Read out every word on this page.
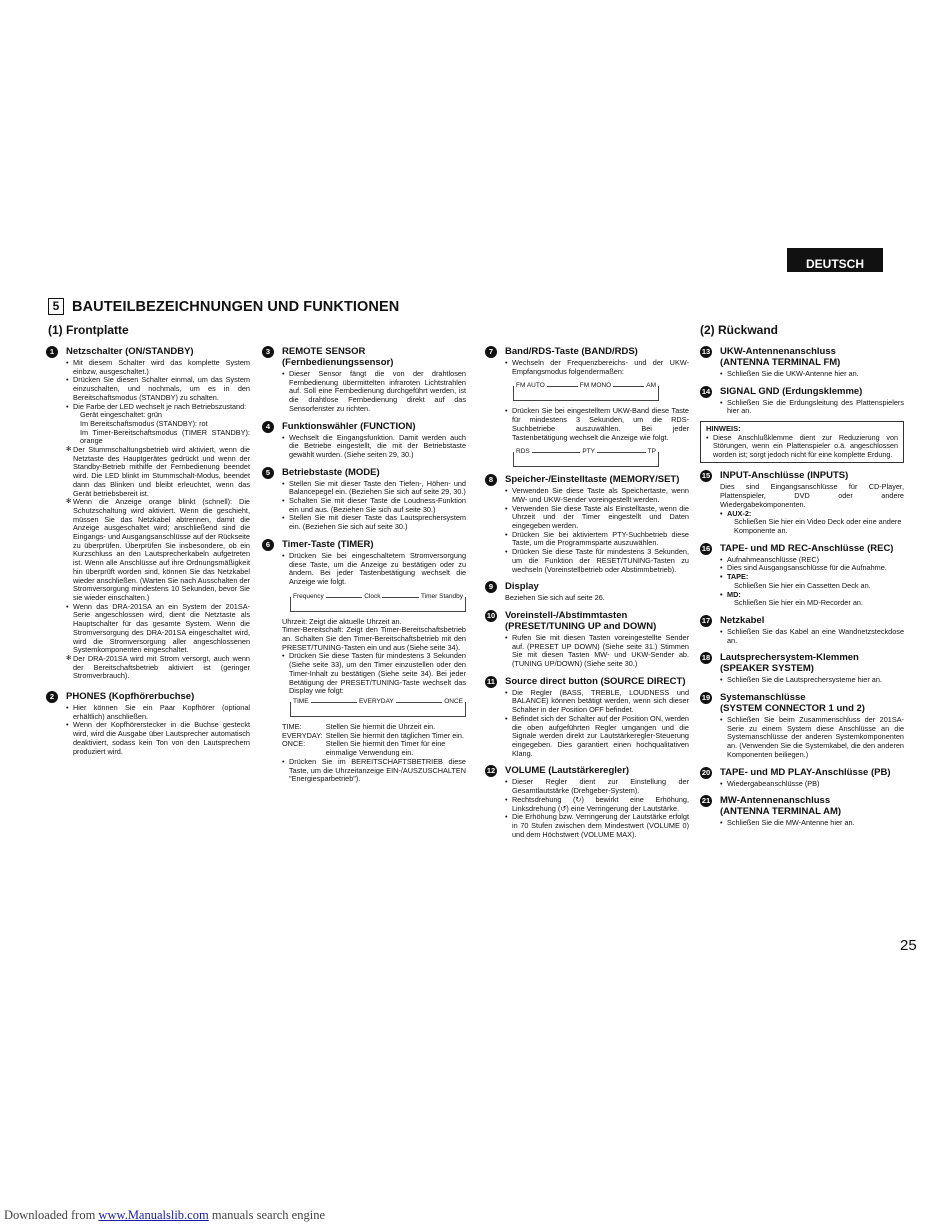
DEUTSCH
5 BAUTEILBEZEICHNUNGEN UND FUNKTIONEN
(1) Frontplatte	(2) Rückwand
1	Netzschalter (ON/STANDBY)
• Mit diesem Schalter wird das komplette System einbzw, ausgeschaltet.)
• Drücken Sie diesen Schalter einmal, um das System einzuschalten, und nochmals, um es in den Bereitschaftsmodus (STANDBY) zu schalten.
• Die Farbe der LED wechselt je nach Betriebszustand:
Gerät eingeschaltet: grün
Im Bereitschaftsmodus (STANDBY): rot
Im Timer-Bereitschaftsmodus (TIMER STANDBY): orange
✻ Der Stummschaltungsbetrieb wird aktiviert, wenn die Netztaste des Hauptgerätes gedrückt und wenn der Standby-Betrieb mithilfe der Fernbedienung beendet wird. Die LED blinkt im Stummschalt-Modus, beendet dann das Blinken und bleibt erleuchtet, wenn das Gerät betriebsbereit ist.
✻ Wenn die Anzeige orange blinkt (schnell): Die Schutzschaltung wird aktiviert. Wenn die geschieht, müssen Sie das Netzkabel abtrennen, damit die Anzeige ausgeschaltet wird; anschließend sind die Eingangs- und Ausgangsanschlüsse auf der Rückseite zu überprüfen. Überprüfen Sie insbesondere, ob ein Kurzschluss an den Lautsprecherkabeln aufgetreten ist. Wenn alle Anschlüsse auf ihre Ordnungsmäßigkeit hin überprüft worden sind, können Sie das Netzkabel wieder anschließen. (Warten Sie nach Ausschalten der Stromversorgung mindestens 10 Sekunden, bevor Sie sie wieder einschalten.)
• Wenn das DRA-201SA an ein System der 201SA-Serie angeschlossen wird, dient die Netztaste als Hauptschalter für das gesamte System. Wenn die Stromversorgung des DRA-201SA eingeschaltet wird, wird die Stromversorgung aller angeschlossenen Systemkomponenten eingeschaltet.
✻ Der DRA-201SA wird mit Strom versorgt, auch wenn der Bereitschaftsbetrieb aktiviert ist (geringer Stromverbrauch).
2	PHONES (Kopfhörerbuchse)
• Hier können Sie ein Paar Kopfhörer (optional erhältlich) anschließen.
• Wenn der Kopfhörerstecker in die Buchse gesteckt wird, wird die Ausgabe über Lautsprecher automatisch deaktiviert, sodass kein Ton von den Lautsprechern produziert wird.
3	REMOTE SENSOR (Fernbedienungssensor)
• Dieser Sensor fängt die von der drahtlosen Fernbedienung übermittelten infraroten Lichtstrahlen auf. Soll eine Fernbedienung durchgeführt werden, ist die drahtlose Fernbedienung direkt auf das Sensorfenster zu richten.
4	Funktionswähler (FUNCTION)
• Wechselt die Eingangsfunktion. Damit werden auch die Betriebe eingestellt, die mit der Betriebstaste gewählt wurden. (Siehe seiten 29, 30.)
5	Betriebstaste (MODE)
• Stellen Sie mit dieser Taste den Tiefen-, Höhen- und Balancepegel ein. (Beziehen Sie sich auf seite 29, 30.)
• Schalten Sie mit dieser Taste die Loudness-Funktion ein und aus. (Beziehen Sie sich auf seite 30.)
• Stellen Sie mit dieser Taste das Lautsprechersystem ein. (Beziehen Sie sich auf seite 30.)
6	Timer-Taste (TIMER)
• Drücken Sie bei eingeschaltetem Stromversorgung diese Taste, um die Anzeige zu bestätigen oder zu ändern. Bei jeder Tastenbetätigung wechselt die Anzeige wie folgt.
Frequency	Clock	Timer Standby
Uhrzeit: Zeigt die aktuelle Uhrzeit an.
Timer-Bereitschaft: Zeigt den Timer-Bereitschaftsbetrieb an. Schalten Sie den Timer-Bereitschaftsbetrieb mit den PRESET/TUNING-Tasten ein und aus (Siehe seite 34).
• Drücken Sie diese Tasten für mindestens 3 Sekunden (Siehe seite 33), um den Timer einzustellen oder den Timer-Inhalt zu bestätigen (Siehe seite 34). Bei jeder Betätigung der PRESET/TUNING-Taste wechselt das Display wie folgt:
TIME	EVERYDAY	ONCE
TIME:	Stellen Sie hiermit die Uhrzeit ein.
EVERYDAY: Stellen Sie hiermit den täglichen Timer ein.
ONCE:	Stellen Sie hiermit den Timer für eine einmalige Verwendung ein.
• Drücken Sie im BEREITSCHAFTSBETRIEB diese Taste, um die Uhrzeitanzeige EIN-/AUSZUSCHALTEN "Energiesparbetrieb").
7	Band/RDS-Taste (BAND/RDS)
• Wechseln der Frequenzbereichs- und der UKW-Empfangsmodus folgendermaßen:
FM AUTO	FM MONO	AM
• Drücken Sie bei eingestelltem UKW-Band diese Taste für mindestens 3 Sekunden, um die RDS-Suchbetriebe auszuwählen. Bei jeder Tastenbetätigung wechselt die Anzeige wie folgt.
RDS	PTY	TP
8	Speicher-/Einstelltaste (MEMORY/SET)
• Verwenden Sie diese Taste als Speichertaste, wenn MW- und UKW-Sender voreingestellt werden.
• Verwenden Sie diese Taste als Einstelltaste, wenn die Uhrzeit und der Timer eingestellt und Daten eingegeben werden.
• Drücken Sie bei aktiviertem PTY-Suchbetrieb diese Taste, um die Programmsparte auszuwählen.
• Drücken Sie diese Taste für mindestens 3 Sekunden, um die Funktion der RESET/TUNING-Tasten zu wechseln (Voreinstellbetrieb oder Abstimmbetrieb).
9	Display
Beziehen Sie sich auf seite 26.
10 Voreinstell-/Abstimmtasten
(PRESET/TUNING UP and DOWN)
• Rufen Sie mit diesen Tasten voreingestellte Sender auf. (PRESET UP DOWN) (Siehe seite 31.) Stimmen Sie mit diesen Tasten MW- und UKW-Sender ab. (TUNING UP/DOWN) (Siehe seite 30.)
11 Source direct button (SOURCE DIRECT)
• Die Regler (BASS, TREBLE, LOUDNESS und BALANCE) können betätigt werden, wenn sich dieser Schalter in der Position OFF befindet.
• Befindet sich der Schalter auf der Position ON, werden die oben aufgeführten Regler umgangen und die Signale werden direkt zur Lautstärkeregler-Steuerung eingegeben. Dies garantiert einen hochqualitativen Klang.
12 VOLUME (Lautstärkeregler)
• Dieser Regler dient zur Einstellung der Gesamtlautstärke (Drehgeber-System).
• Rechtsdrehung (↻) bewirkt eine Erhöhung, Linksdrehung (↺) eine Verringerung der Lautstärke.
• Die Erhöhung bzw. Verringerung der Lautstärke erfolgt in 70 Stufen zwischen dem Mindestwert (VOLUME 0) und dem Höchstwert (VOLUME MAX).
13 UKW-Antennenanschluss
(ANTENNA TERMINAL FM)
• Schließen Sie die UKW-Antenne hier an.
14 SIGNAL GND (Erdungsklemme)
• Schließen Sie die Erdungsleitung des Plattenspielers hier an.
HINWEIS:
• Diese Anschlußklemme dient zur Reduzierung von Störungen, wenn ein Plattenspieler o.ä. angeschlossen worden ist; sorgt jedoch nicht für eine komplette Erdung.
15 INPUT-Anschlüsse (INPUTS)
Dies sind Eingangsanschlüsse für CD-Player, Plattenspieler, DVD oder andere Wiedergabekomponenten.
• AUX-2:
Schließen Sie hier ein Video Deck oder eine andere Komponente an.
16 TAPE- und MD REC-Anschlüsse (REC)
• Aufnahmeanschlüsse (REC)
• Dies sind Ausgangsanschlüsse für die Aufnahme.
• TAPE:
Schließen Sie hier ein Cassetten Deck an.
• MD:
Schließen Sie hier ein MD-Recorder an.
17 Netzkabel
• Schließen Sie das Kabel an eine Wandnetzsteckdose an.
18 Lautsprechersystem-Klemmen
(SPEAKER SYSTEM)
• Schließen Sie die Lautsprechersysteme hier an.
19 Systemanschlüsse
(SYSTEM CONNECTOR 1 und 2)
• Schließen Sie beim Zusammenschluss der 201SA-Serie zu einem System diese Anschlüsse an die Systemanschlüsse der anderen Systemkomponenten an. (Verwenden Sie die Systemkabel, die den anderen Komponenten beiliegen.)
20 TAPE- und MD PLAY-Anschlüsse (PB)
• Wiedergabeanschlüsse (PB)
21 MW-Antennenanschluss
(ANTENNA TERMINAL AM)
• Schließen Sie die MW-Antenne hier an.
25
Downloaded from www.Manualslib.com manuals search engine
